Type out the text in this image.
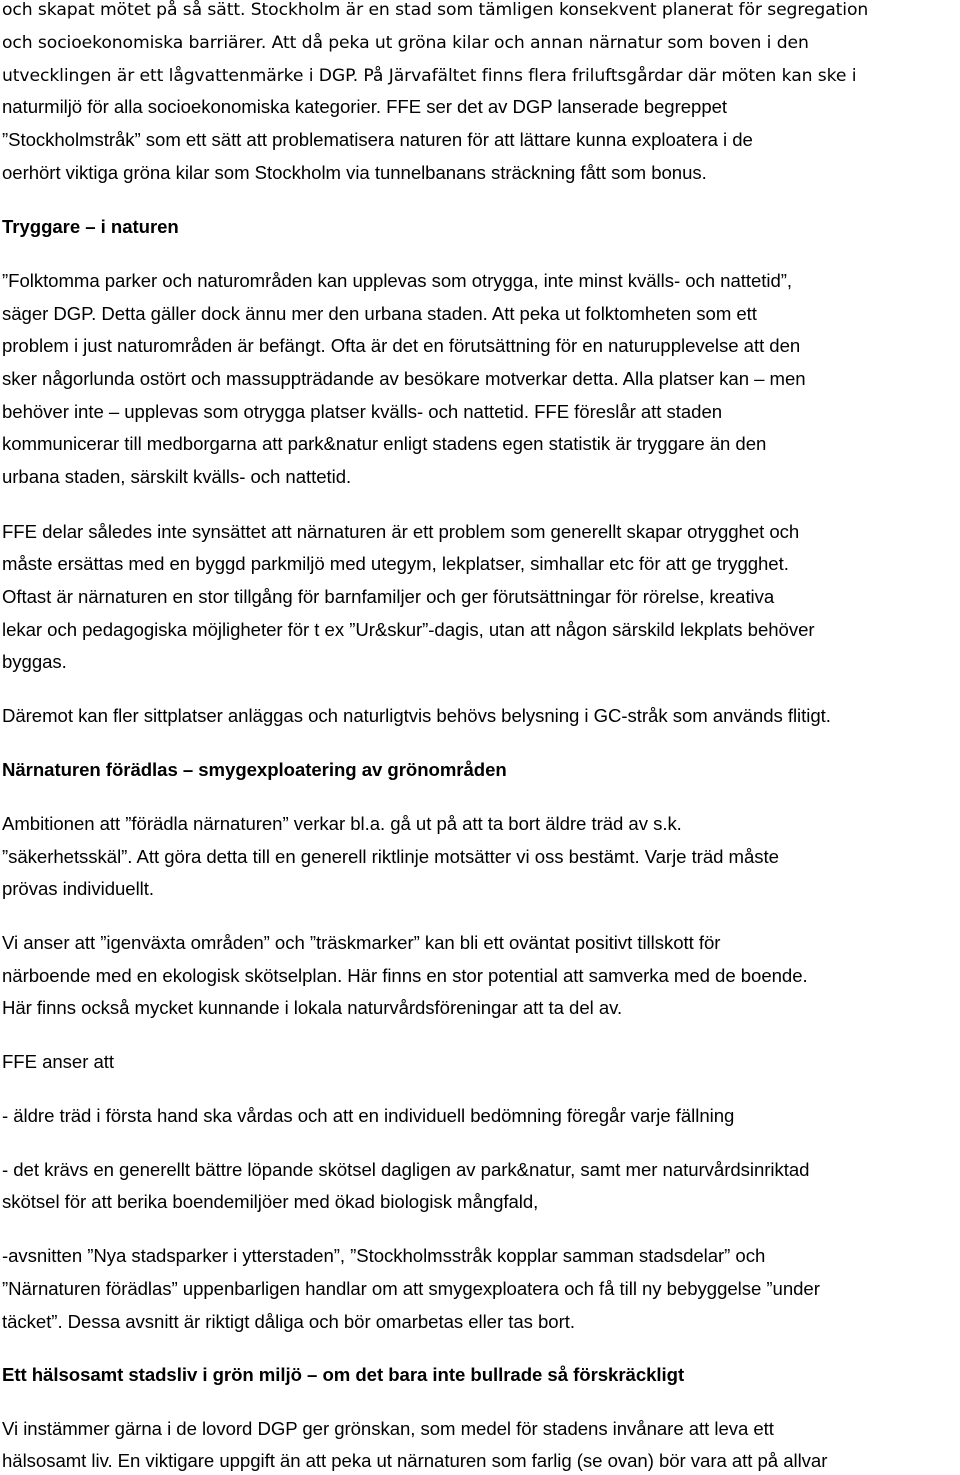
och skapat mötet på så sätt. Stockholm är en stad som tämligen konsekvent planerat för segregation
och socioekonomiska barriärer. Att då peka ut gröna kilar och annan närnatur som boven i den
utvecklingen är ett lågvattenmärke i DGP. På Järvafältet finns flera friluftsgårdar där möten kan ske i
naturmiljö för alla socioekonomiska kategorier. FFE ser det av DGP lanserade begreppet
”Stockholmstråk” som ett sätt att problematisera naturen för att lättare kunna exploatera i de
oerhört viktiga gröna kilar som Stockholm via tunnelbanans sträckning fått som bonus.
Tryggare – i naturen
”Folktomma parker och naturområden kan upplevas som otrygga, inte minst kvälls- och nattetid”,
säger DGP. Detta gäller dock ännu mer den urbana staden. Att peka ut folktomheten som ett
problem i just naturområden är befängt. Ofta är det en förutsättning för en naturupplevelse att den
sker någorlunda ostört och massuppträdande av besökare motverkar detta. Alla platser kan – men
behöver inte – upplevas som otrygga platser kvälls- och nattetid. FFE föreslår att staden
kommunicerar till medborgarna att park&natur enligt stadens egen statistik är tryggare än den
urbana staden, särskilt kvälls- och nattetid.
FFE delar således inte synsättet att närnaturen är ett problem som generellt skapar otrygghet och
måste ersättas med en byggd parkmiljö med utegym, lekplatser, simhallar etc för att ge trygghet.
Oftast är närnaturen en stor tillgång för barnfamiljer och ger förutsättningar för rörelse, kreativa
lekar och pedagogiska möjligheter för t ex ”Ur&skur”-dagis, utan att någon särskild lekplats behöver
byggas.
Däremot kan fler sittplatser anläggas och naturligtvis behövs belysning i GC-stråk som används flitigt.
Närnaturen förädlas – smygexploatering av grönområden
Ambitionen att ”förädla närnaturen” verkar bl.a. gå ut på att ta bort äldre träd av s.k.
”säkerhetsskäl”. Att göra detta till en generell riktlinje motsätter vi oss bestämt. Varje träd måste
prövas individuellt.
Vi anser att ”igenväxta områden” och ”träskmarker” kan bli ett oväntat positivt tillskott för
närboende med en ekologisk skötselplan. Här finns en stor potential att samverka med de boende.
Här finns också mycket kunnande i lokala naturvårdsföreningar att ta del av.
FFE anser att
- äldre träd i första hand ska vårdas och att en individuell bedömning föregår varje fällning
- det krävs en generellt bättre löpande skötsel dagligen av park&natur, samt mer naturvårdsinriktad
skötsel för att berika boendemiljöer med ökad biologisk mångfald,
-avsnitten ”Nya stadsparker i ytterstaden”, ”Stockholmsstråk kopplar samman stadsdelar” och
”Närnaturen förädlas” uppenbarligen handlar om att smygexploatera och få till ny bebyggelse ”under
täcket”. Dessa avsnitt är riktigt dåliga och bör omarbetas eller tas bort.
Ett hälsosamt stadsliv i grön miljö – om det bara inte bullrade så förskräckligt
Vi instämmer gärna i de lovord DGP ger grönskan, som medel för stadens invånare att leva ett
hälsosamt liv. En viktigare uppgift än att peka ut närnaturen som farlig (se ovan) bör vara att på allvar
